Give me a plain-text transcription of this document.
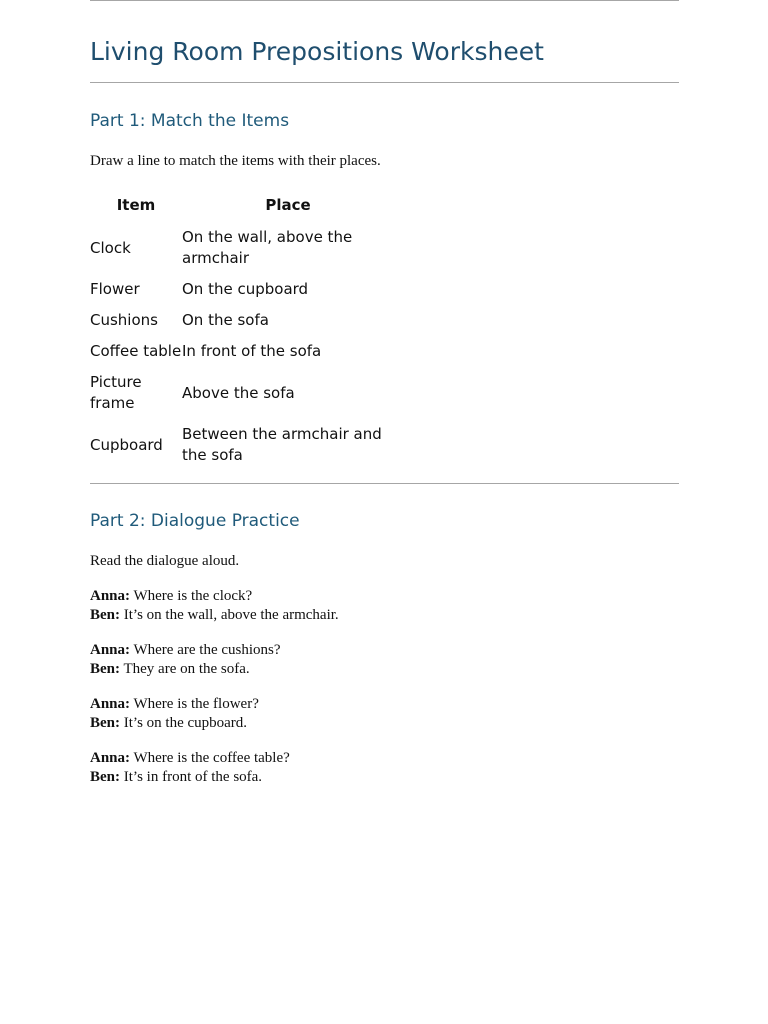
Living Room Prepositions Worksheet
Part 1: Match the Items

Draw a line to match the items with their places.

Item	Place
Clock	On the wall, above the armchair
Flower	On the cupboard
Cushions	On the sofa
Coffee table	In front of the sofa
Picture frame	Above the sofa
Cupboard	Between the armchair and the sofa
Part 2: Dialogue Practice

Read the dialogue aloud.

Anna: Where is the clock?
Ben: It’s on the wall, above the armchair.
Anna: Where are the cushions?
Ben: They are on the sofa.
Anna: Where is the flower?
Ben: It’s on the cupboard.
Anna: Where is the coffee table?
Ben: It’s in front of the sofa.
